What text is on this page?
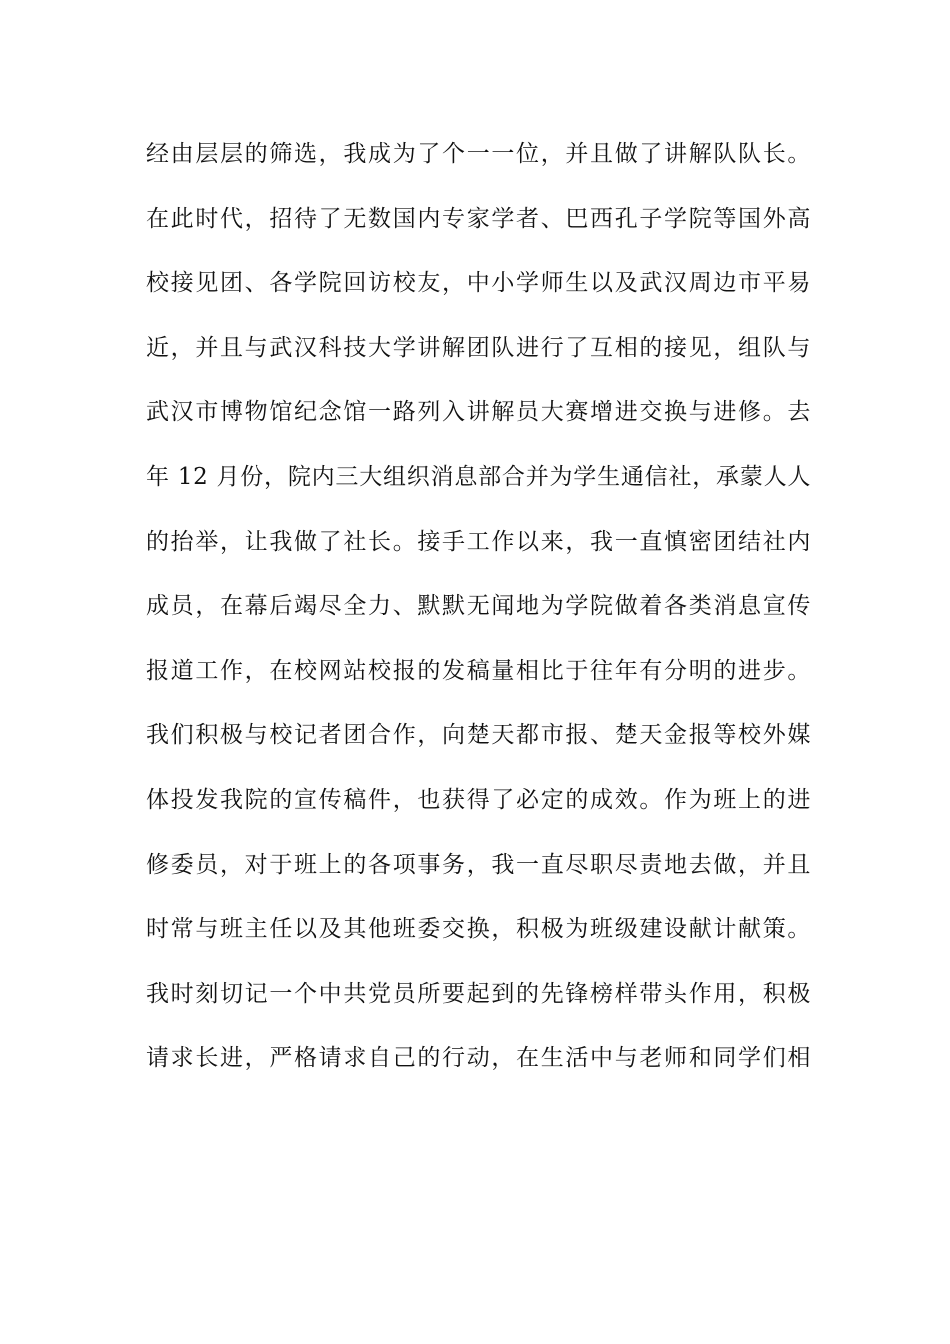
经由层层的筛选，我成为了个一一位，并且做了讲解队队长。
在此时代，招待了无数国内专家学者、巴西孔子学院等国外高
校接见团、各学院回访校友，中小学师生以及武汉周边市平易
近，并且与武汉科技大学讲解团队进行了互相的接见，组队与
武汉市博物馆纪念馆一路列入讲解员大赛增进交换与进修。去
年 12 月份，院内三大组织消息部合并为学生通信社，承蒙人人
的抬举，让我做了社长。接手工作以来，我一直慎密团结社内
成员，在幕后竭尽全力、默默无闻地为学院做着各类消息宣传
报道工作，在校网站校报的发稿量相比于往年有分明的进步。
我们积极与校记者团合作，向楚天都市报、楚天金报等校外媒
体投发我院的宣传稿件，也获得了必定的成效。作为班上的进
修委员，对于班上的各项事务，我一直尽职尽责地去做，并且
时常与班主任以及其他班委交换，积极为班级建设献计献策。
我时刻切记一个中共党员所要起到的先锋榜样带头作用，积极
请求长进，严格请求自己的行动，在生活中与老师和同学们相
